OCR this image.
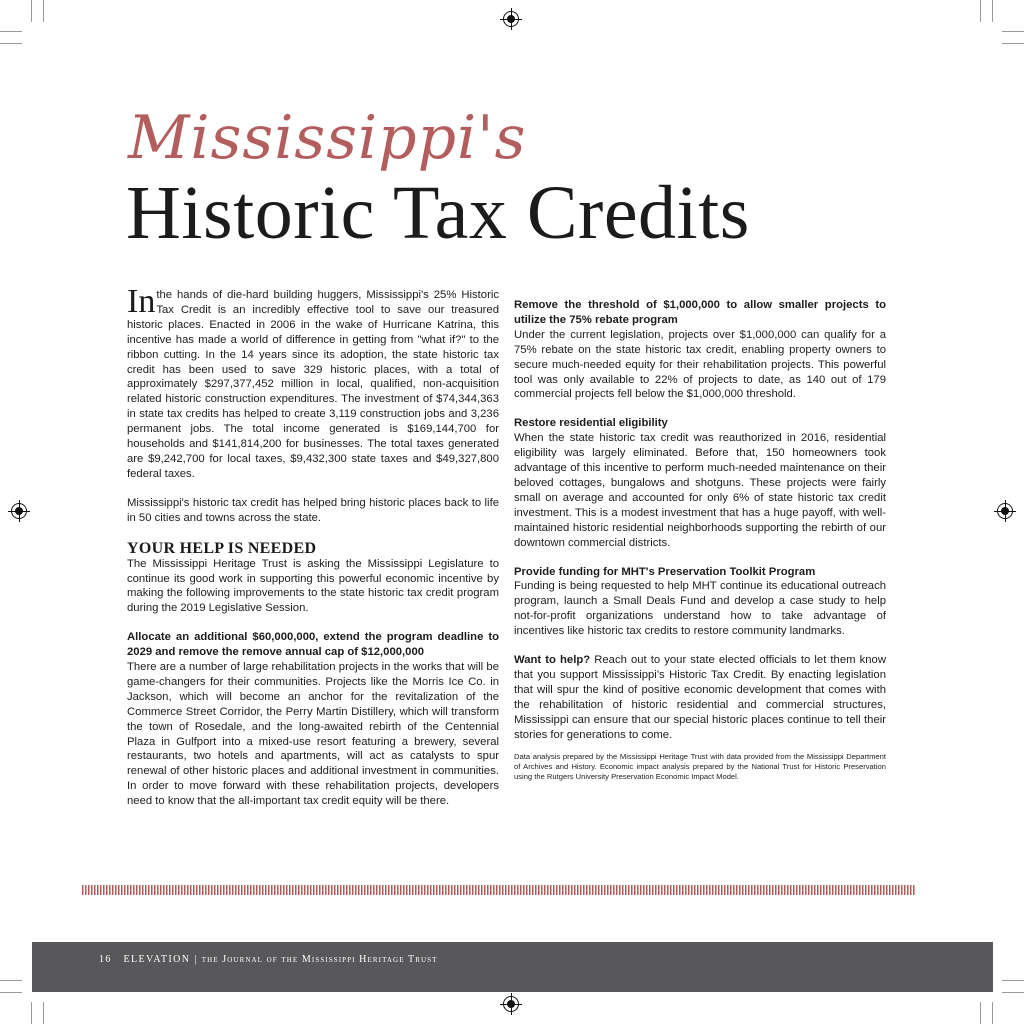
Mississippi's
Historic Tax Credits

In the hands of die-hard building huggers, Mississippi's 25% Historic Tax Credit is an incredibly effective tool to save our treasured historic places. Enacted in 2006 in the wake of Hurricane Katrina, this incentive has made a world of difference in getting from "what if?" to the ribbon cutting. In the 14 years since its adoption, the state historic tax credit has been used to save 329 historic places, with a total of approximately $297,377,452 million in local, qualified, non-acquisition related historic construction expenditures. The investment of $74,344,363 in state tax credits has helped to create 3,119 construction jobs and 3,236 permanent jobs. The total income generated is $169,144,700 for households and $141,814,200 for businesses. The total taxes generated are $9,242,700 for local taxes, $9,432,300 state taxes and $49,327,800 federal taxes.

Mississippi's historic tax credit has helped bring historic places back to life in 50 cities and towns across the state.

YOUR HELP IS NEEDED

The Mississippi Heritage Trust is asking the Mississippi Legislature to continue its good work in supporting this powerful economic incentive by making the following improvements to the state historic tax credit program during the 2019 Legislative Session.

Allocate an additional $60,000,000, extend the program deadline to 2029 and remove the remove annual cap of $12,000,000

There are a number of large rehabilitation projects in the works that will be game-changers for their communities. Projects like the Morris Ice Co. in Jackson, which will become an anchor for the revitalization of the Commerce Street Corridor, the Perry Martin Distillery, which will transform the town of Rosedale, and the long-awaited rebirth of the Centennial Plaza in Gulfport into a mixed-use resort featuring a brewery, several restaurants, two hotels and apartments, will act as catalysts to spur renewal of other historic places and additional investment in communities. In order to move forward with these rehabilitation projects, developers need to know that the all-important tax credit equity will be there.

Remove the threshold of $1,000,000 to allow smaller projects to utilize the 75% rebate program

Under the current legislation, projects over $1,000,000 can qualify for a 75% rebate on the state historic tax credit, enabling property owners to secure much-needed equity for their rehabilitation projects. This powerful tool was only available to 22% of projects to date, as 140 out of 179 commercial projects fell below the $1,000,000 threshold.

Restore residential eligibility

When the state historic tax credit was reauthorized in 2016, residential eligibility was largely eliminated. Before that, 150 homeowners took advantage of this incentive to perform much-needed maintenance on their beloved cottages, bungalows and shotguns. These projects were fairly small on average and accounted for only 6% of state historic tax credit investment. This is a modest investment that has a huge payoff, with well-maintained historic residential neighborhoods supporting the rebirth of our downtown commercial districts.

Provide funding for MHT's Preservation Toolkit Program

Funding is being requested to help MHT continue its educational outreach program, launch a Small Deals Fund and develop a case study to help not-for-profit organizations understand how to take advantage of incentives like historic tax credits to restore community landmarks.

Want to help? Reach out to your state elected officials to let them know that you support Mississippi's Historic Tax Credit. By enacting legislation that will spur the kind of positive economic development that comes with the rehabilitation of historic residential and commercial structures, Mississippi can ensure that our special historic places continue to tell their stories for generations to come.

Data analysis prepared by the Mississippi Heritage Trust with data provided from the Mississippi Department of Archives and History. Economic impact analysis prepared by the National Trust for Historic Preservation using the Rutgers University Preservation Economic Impact Model.

16 ELEVATION | the Journal of the Mississippi Heritage Trust
